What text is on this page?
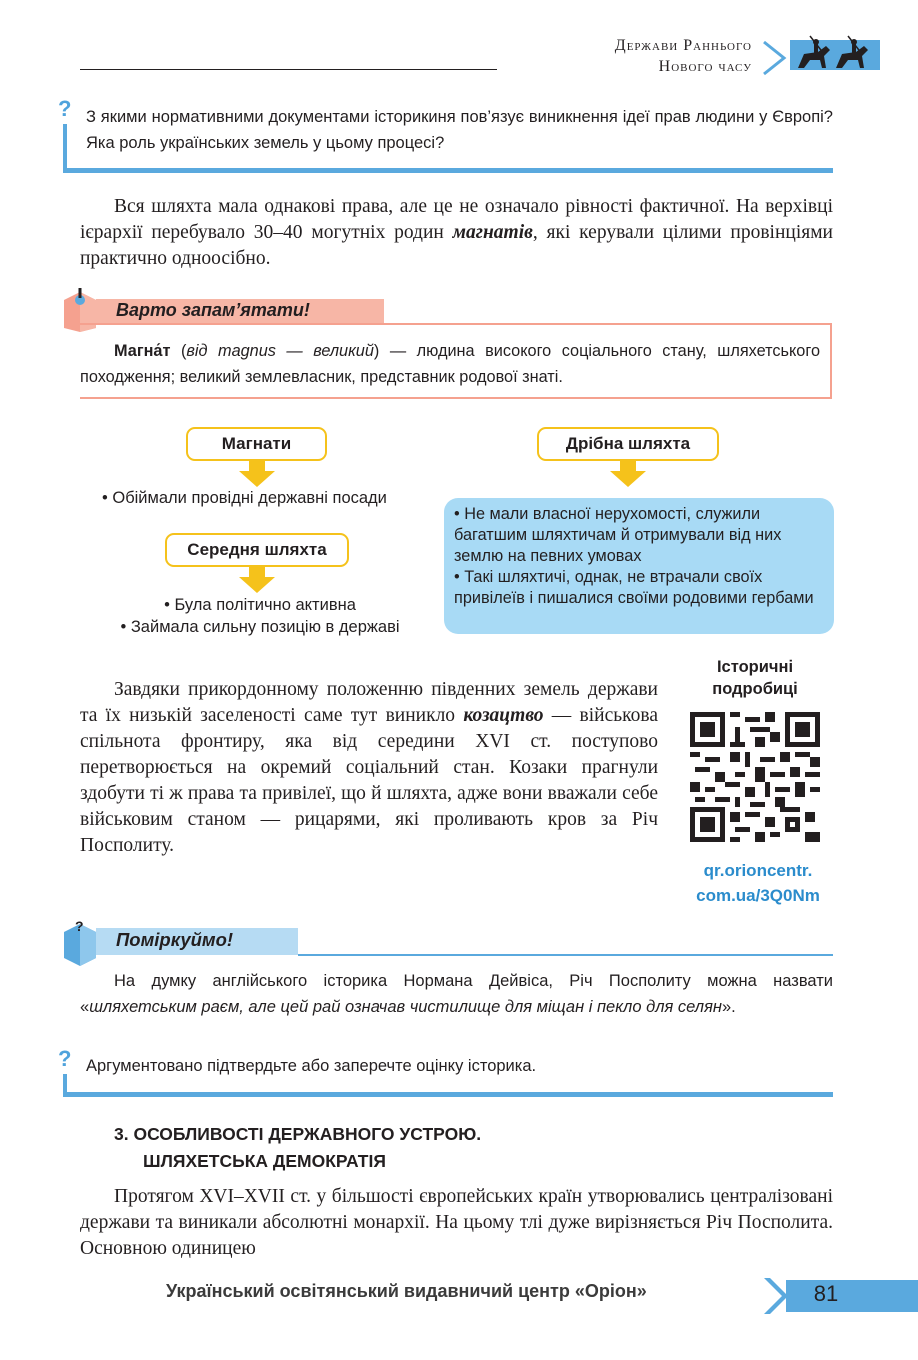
Держави Раннього
Нового часу
? З якими нормативними документами історикиня пов’язує виникнення ідеї прав людини у Європі? Яка роль українських земель у цьому процесі?
Вся шляхта мала однакові права, але це не означало рівності фактичної. На верхівці ієрархії перебувало 30–40 могутніх родин магнатів, які керували цілими провінціями практично одноосібно.
Варто запам’ятати!
Магна́т (від magnus — великий) — людина високого соціального стану, шляхетського походження; великий землевласник, представник родової знаті.
Магнати
• Обіймали провідні державні посади
Середня шляхта
• Була політично активна
• Займала сильну позицію в державі
Дрібна шляхта
• Не мали власної нерухомості, служили багатшим шляхтичам й отримували від них землю на певних умовах
• Такі шляхтичі, однак, не втрачали своїх привілеїв і пишалися своїми родовими гербами
Завдяки прикордонному положенню південних земель держави та їх низькій заселеності саме тут виникло козацтво — військова спільнота фронтиру, яка від середини XVI ст. поступово перетворюється на окремий соціальний стан. Козаки прагнули здобути ті ж права та привілеї, що й шляхта, адже вони вважали себе військовим станом — рицарями, які проливають кров за Річ Посполиту.
Історичні
подробиці
qr.orioncentr.
com.ua/3Q0Nm
?
Поміркуймо!
На думку англійського історика Нормана Дейвіса, Річ Посполиту можна назвати «шляхетським раєм, але цей рай означав чистилище для міщан і пекло для селян».
? Аргументовано підтвердьте або заперечте оцінку історика.
3. ОСОБЛИВОСТІ ДЕРЖАВНОГО УСТРОЮ.
ШЛЯХЕТСЬКА ДЕМОКРАТІЯ
Протягом XVI–XVII ст. у більшості європейських країн утворювались централізовані держави та виникали абсолютні монархії. На цьому тлі дуже вирізняється Річ Посполита. Основною одиницею
Український освітянський видавничий центр «Оріон»	81
